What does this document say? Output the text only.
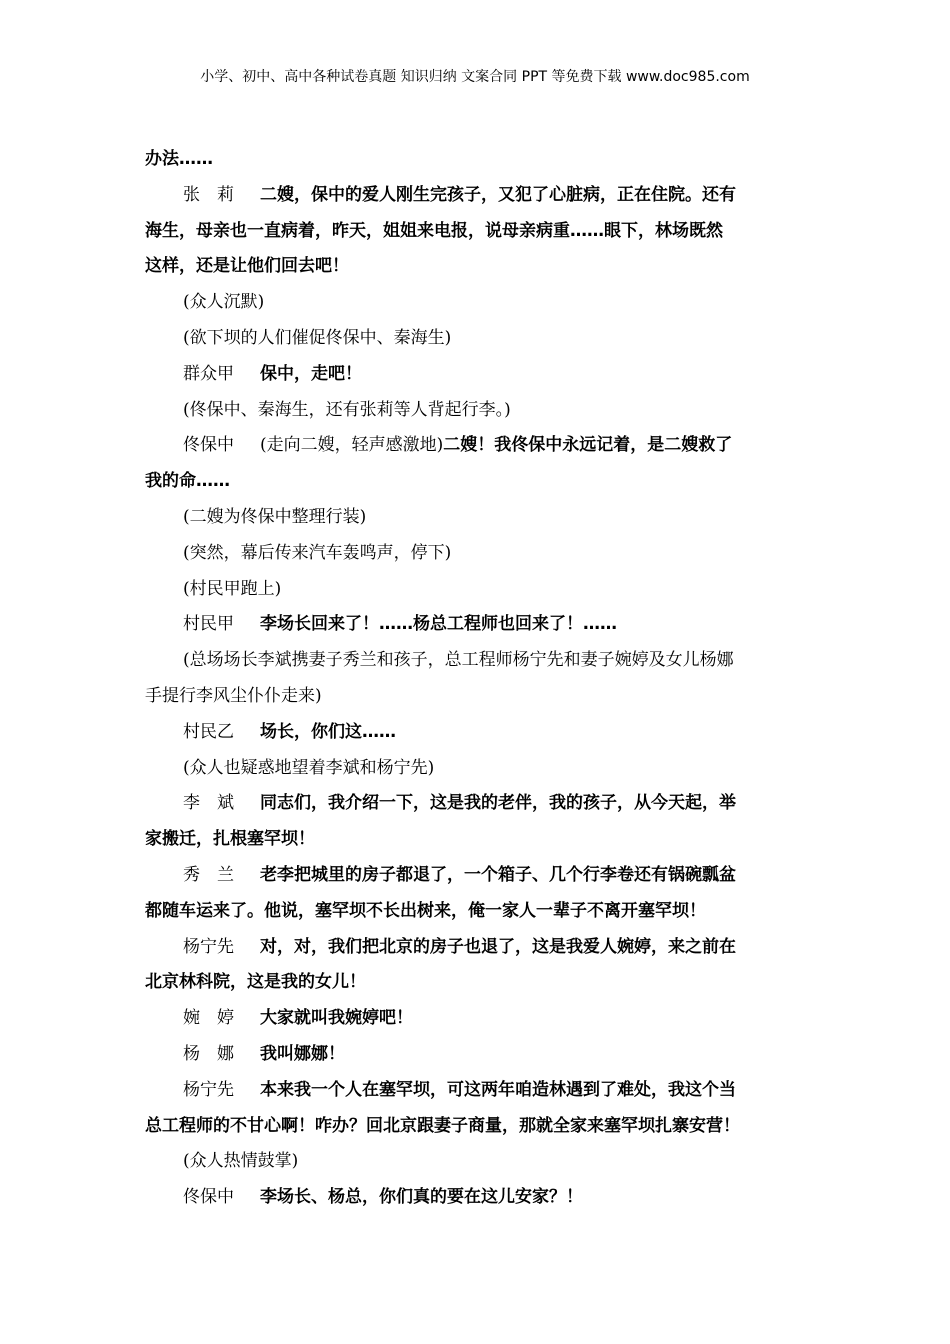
小学、初中、高中各种试卷真题 知识归纳 文案合同 PPT 等免费下载 www.doc985.com
办法……
张　莉 二嫂，保中的爱人刚生完孩子，又犯了心脏病，正在住院。还有
海生，母亲也一直病着，昨天，姐姐来电报，说母亲病重……眼下，林场既然
这样，还是让他们回去吧！
(众人沉默)
(欲下坝的人们催促佟保中、秦海生)
群众甲 保中，走吧！
(佟保中、秦海生，还有张莉等人背起行李。)
佟保中 (走向二嫂，轻声感激地)二嫂！我佟保中永远记着，是二嫂救了
我的命……
(二嫂为佟保中整理行装)
(突然，幕后传来汽车轰鸣声，停下)
(村民甲跑上)
村民甲 李场长回来了！……杨总工程师也回来了！……
(总场场长李斌携妻子秀兰和孩子，总工程师杨宁先和妻子婉婷及女儿杨娜
手提行李风尘仆仆走来)
村民乙 场长，你们这……
(众人也疑惑地望着李斌和杨宁先)
李　斌 同志们，我介绍一下，这是我的老伴，我的孩子，从今天起，举
家搬迁，扎根塞罕坝！
秀　兰 老李把城里的房子都退了，一个箱子、几个行李卷还有锅碗瓢盆
都随车运来了。他说，塞罕坝不长出树来，俺一家人一辈子不离开塞罕坝！
杨宁先 对，对，我们把北京的房子也退了，这是我爱人婉婷，来之前在
北京林科院，这是我的女儿！
婉　婷 大家就叫我婉婷吧！
杨　娜 我叫娜娜！
杨宁先 本来我一个人在塞罕坝，可这两年咱造林遇到了难处，我这个当
总工程师的不甘心啊！咋办？回北京跟妻子商量，那就全家来塞罕坝扎寨安营！
(众人热情鼓掌)
佟保中 李场长、杨总，你们真的要在这儿安家？！
